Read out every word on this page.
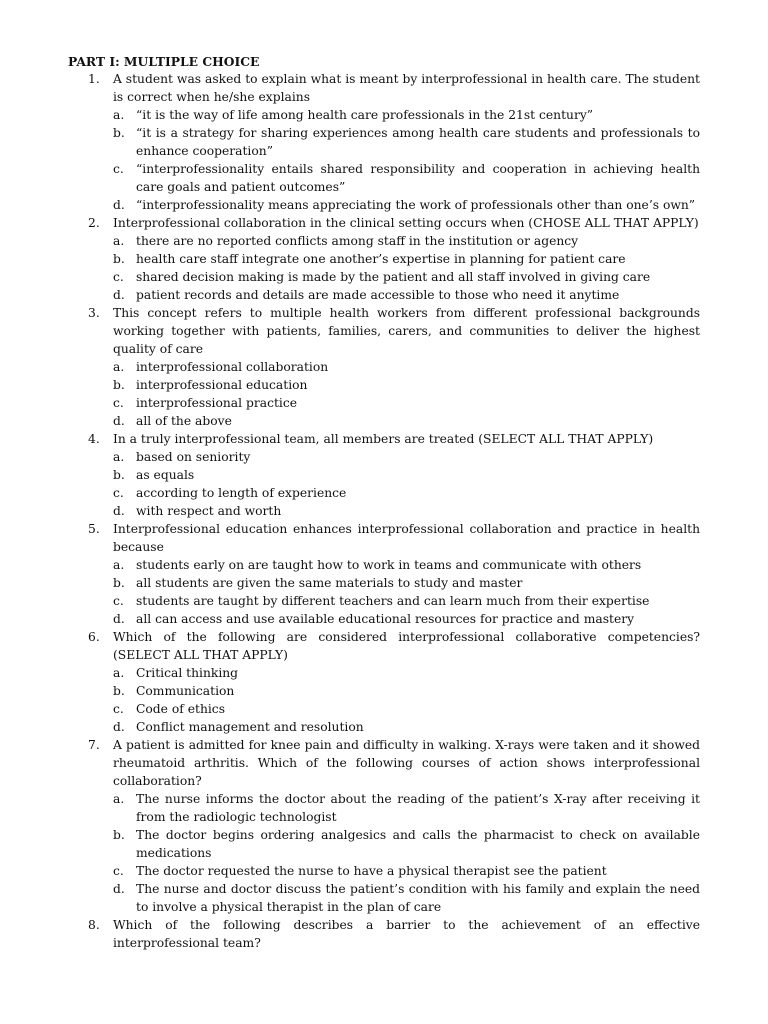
PART I: MULTIPLE CHOICE
1. A student was asked to explain what is meant by interprofessional in health care. The student is correct when he/she explains
a. “it is the way of life among health care professionals in the 21st century”
b. “it is a strategy for sharing experiences among health care students and professionals to enhance cooperation”
c. “interprofessionality entails shared responsibility and cooperation in achieving health care goals and patient outcomes”
d. “interprofessionality means appreciating the work of professionals other than one’s own”
2. Interprofessional collaboration in the clinical setting occurs when (CHOSE ALL THAT APPLY)
a. there are no reported conflicts among staff in the institution or agency
b. health care staff integrate one another’s expertise in planning for patient care
c. shared decision making is made by the patient and all staff involved in giving care
d. patient records and details are made accessible to those who need it anytime
3. This concept refers to multiple health workers from different professional backgrounds working together with patients, families, carers, and communities to deliver the highest quality of care
a. interprofessional collaboration
b. interprofessional education
c. interprofessional practice
d. all of the above
4. In a truly interprofessional team, all members are treated (SELECT ALL THAT APPLY)
a. based on seniority
b. as equals
c. according to length of experience
d. with respect and worth
5. Interprofessional education enhances interprofessional collaboration and practice in health because
a. students early on are taught how to work in teams and communicate with others
b. all students are given the same materials to study and master
c. students are taught by different teachers and can learn much from their expertise
d. all can access and use available educational resources for practice and mastery
6. Which of the following are considered interprofessional collaborative competencies? (SELECT ALL THAT APPLY)
a. Critical thinking
b. Communication
c. Code of ethics
d. Conflict management and resolution
7. A patient is admitted for knee pain and difficulty in walking. X-rays were taken and it showed rheumatoid arthritis. Which of the following courses of action shows interprofessional collaboration?
a. The nurse informs the doctor about the reading of the patient’s X-ray after receiving it from the radiologic technologist
b. The doctor begins ordering analgesics and calls the pharmacist to check on available medications
c. The doctor requested the nurse to have a physical therapist see the patient
d. The nurse and doctor discuss the patient’s condition with his family and explain the need to involve a physical therapist in the plan of care
8. Which of the following describes a barrier to the achievement of an effective interprofessional team?
